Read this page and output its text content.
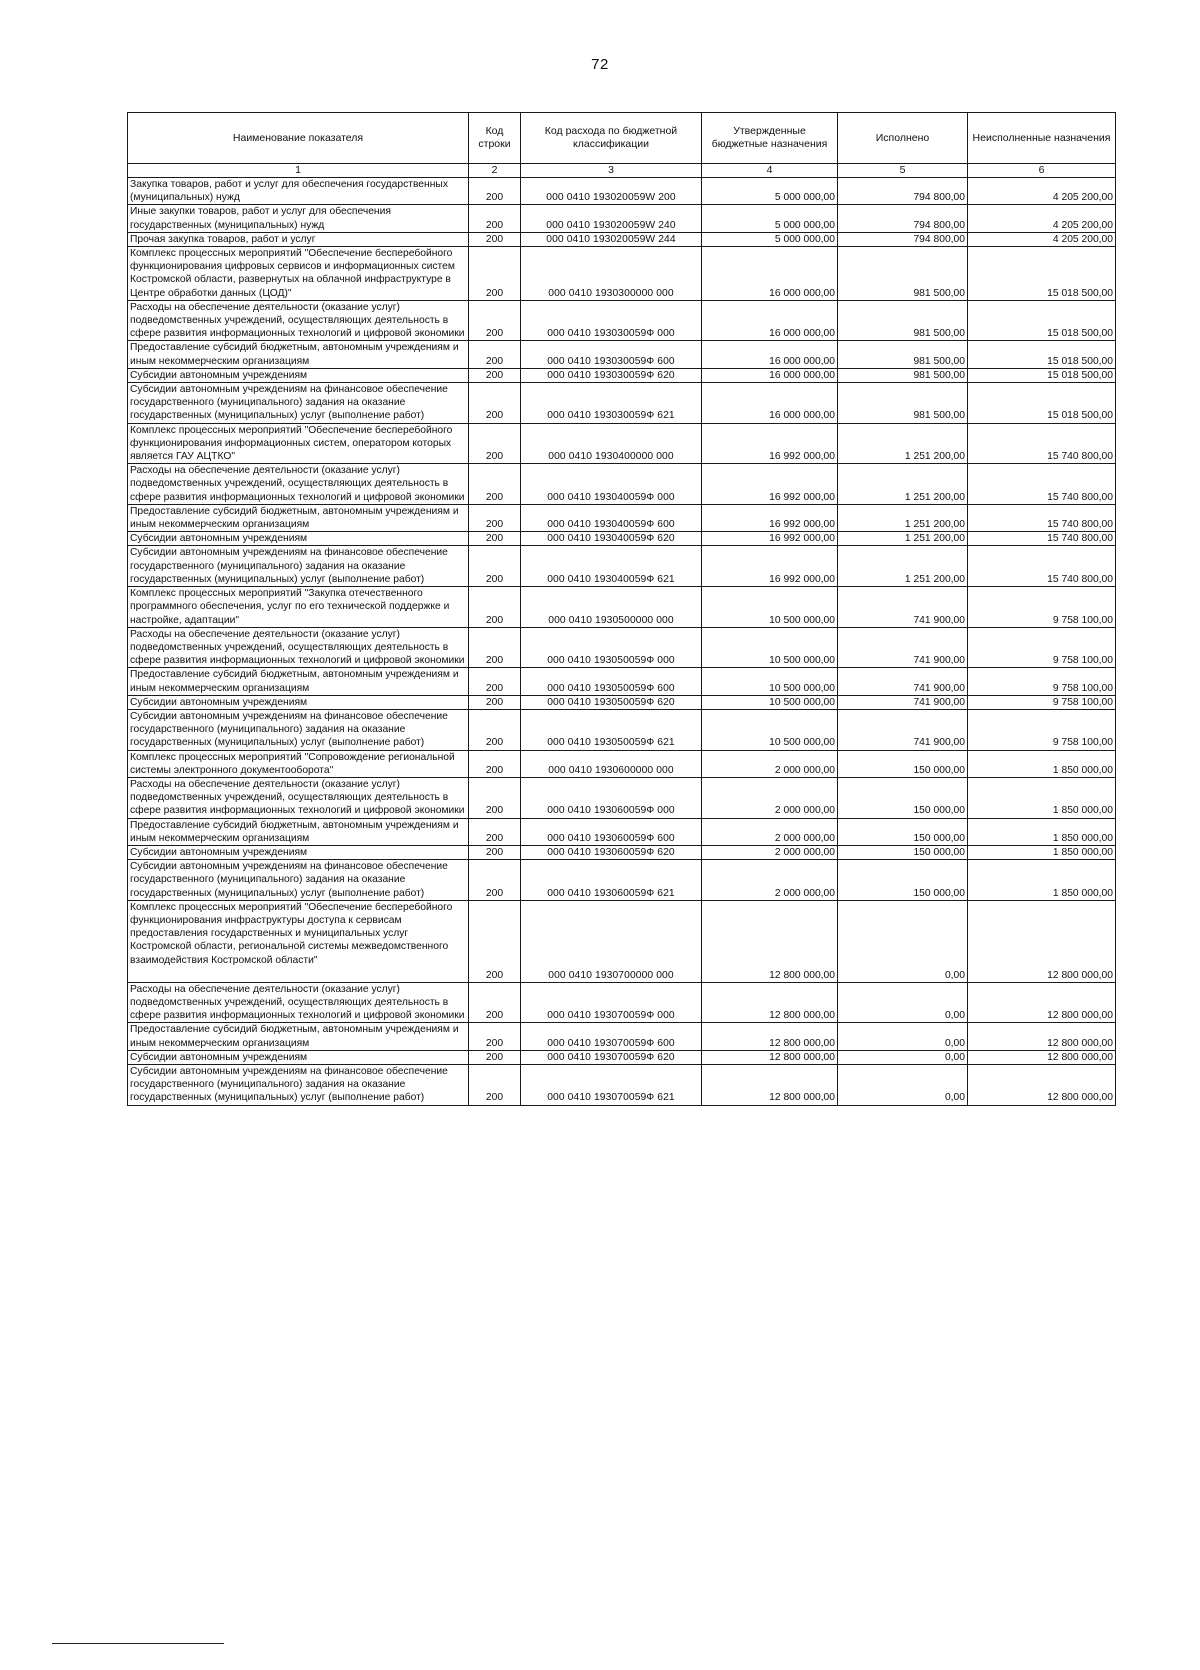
72
Наименование показателя	Код строки	Код расхода по бюджетной классификации	Утвержденные бюджетные назначения	Исполнено	Неисполненные назначения
1	2	3	4	5	6
Закупка товаров, работ и услуг для обеспечения государственных (муниципальных) нужд	200	000 0410 193020059W 200	5 000 000,00	794 800,00	4 205 200,00
Иные закупки товаров, работ и услуг для обеспечения государственных (муниципальных) нужд	200	000 0410 193020059W 240	5 000 000,00	794 800,00	4 205 200,00
Прочая закупка товаров, работ и услуг	200	000 0410 193020059W 244	5 000 000,00	794 800,00	4 205 200,00
Комплекс процессных мероприятий "Обеспечение бесперебойного функционирования цифровых сервисов и информационных систем Костромской области, развернутых на облачной инфраструктуре в Центре обработки данных (ЦОД)"	200	000 0410 1930300000 000	16 000 000,00	981 500,00	15 018 500,00
Расходы на обеспечение деятельности (оказание услуг) подведомственных учреждений, осуществляющих деятельность в сфере развития информационных технологий и цифровой экономики	200	000 0410 193030059Ф 000	16 000 000,00	981 500,00	15 018 500,00
Предоставление субсидий бюджетным, автономным учреждениям и иным некоммерческим организациям	200	000 0410 193030059Ф 600	16 000 000,00	981 500,00	15 018 500,00
Субсидии автономным учреждениям	200	000 0410 193030059Ф 620	16 000 000,00	981 500,00	15 018 500,00
Субсидии автономным учреждениям на финансовое обеспечение государственного (муниципального) задания на оказание государственных (муниципальных) услуг (выполнение работ)	200	000 0410 193030059Ф 621	16 000 000,00	981 500,00	15 018 500,00
Комплекс процессных мероприятий "Обеспечение бесперебойного функционирования информационных систем, оператором которых является ГАУ АЦТКО"	200	000 0410 1930400000 000	16 992 000,00	1 251 200,00	15 740 800,00
Расходы на обеспечение деятельности (оказание услуг) подведомственных учреждений, осуществляющих деятельность в сфере развития информационных технологий и цифровой экономики	200	000 0410 193040059Ф 000	16 992 000,00	1 251 200,00	15 740 800,00
Предоставление субсидий бюджетным, автономным учреждениям и иным некоммерческим организациям	200	000 0410 193040059Ф 600	16 992 000,00	1 251 200,00	15 740 800,00
Субсидии автономным учреждениям	200	000 0410 193040059Ф 620	16 992 000,00	1 251 200,00	15 740 800,00
Субсидии автономным учреждениям на финансовое обеспечение государственного (муниципального) задания на оказание государственных (муниципальных) услуг (выполнение работ)	200	000 0410 193040059Ф 621	16 992 000,00	1 251 200,00	15 740 800,00
Комплекс процессных мероприятий "Закупка отечественного программного обеспечения, услуг по его технической поддержке и настройке, адаптации"	200	000 0410 1930500000 000	10 500 000,00	741 900,00	9 758 100,00
Расходы на обеспечение деятельности (оказание услуг) подведомственных учреждений, осуществляющих деятельность в сфере развития информационных технологий и цифровой экономики	200	000 0410 193050059Ф 000	10 500 000,00	741 900,00	9 758 100,00
Предоставление субсидий бюджетным, автономным учреждениям и иным некоммерческим организациям	200	000 0410 193050059Ф 600	10 500 000,00	741 900,00	9 758 100,00
Субсидии автономным учреждениям	200	000 0410 193050059Ф 620	10 500 000,00	741 900,00	9 758 100,00
Субсидии автономным учреждениям на финансовое обеспечение государственного (муниципального) задания на оказание государственных (муниципальных) услуг (выполнение работ)	200	000 0410 193050059Ф 621	10 500 000,00	741 900,00	9 758 100,00
Комплекс процессных мероприятий "Сопровождение региональной системы электронного документооборота"	200	000 0410 1930600000 000	2 000 000,00	150 000,00	1 850 000,00
Расходы на обеспечение деятельности (оказание услуг) подведомственных учреждений, осуществляющих деятельность в сфере развития информационных технологий и цифровой экономики	200	000 0410 193060059Ф 000	2 000 000,00	150 000,00	1 850 000,00
Предоставление субсидий бюджетным, автономным учреждениям и иным некоммерческим организациям	200	000 0410 193060059Ф 600	2 000 000,00	150 000,00	1 850 000,00
Субсидии автономным учреждениям	200	000 0410 193060059Ф 620	2 000 000,00	150 000,00	1 850 000,00
Субсидии автономным учреждениям на финансовое обеспечение государственного (муниципального) задания на оказание государственных (муниципальных) услуг (выполнение работ)	200	000 0410 193060059Ф 621	2 000 000,00	150 000,00	1 850 000,00
Комплекс процессных мероприятий "Обеспечение бесперебойного функционирования инфраструктуры доступа к сервисам предоставления государственных и муниципальных услуг Костромской области, региональной системы межведомственного взаимодействия Костромской области"	200	000 0410 1930700000 000	12 800 000,00	0,00	12 800 000,00
Расходы на обеспечение деятельности (оказание услуг) подведомственных учреждений, осуществляющих деятельность в сфере развития информационных технологий и цифровой экономики	200	000 0410 193070059Ф 000	12 800 000,00	0,00	12 800 000,00
Предоставление субсидий бюджетным, автономным учреждениям и иным некоммерческим организациям	200	000 0410 193070059Ф 600	12 800 000,00	0,00	12 800 000,00
Субсидии автономным учреждениям	200	000 0410 193070059Ф 620	12 800 000,00	0,00	12 800 000,00
Субсидии автономным учреждениям на финансовое обеспечение государственного (муниципального) задания на оказание государственных (муниципальных) услуг (выполнение работ)	200	000 0410 193070059Ф 621	12 800 000,00	0,00	12 800 000,00
